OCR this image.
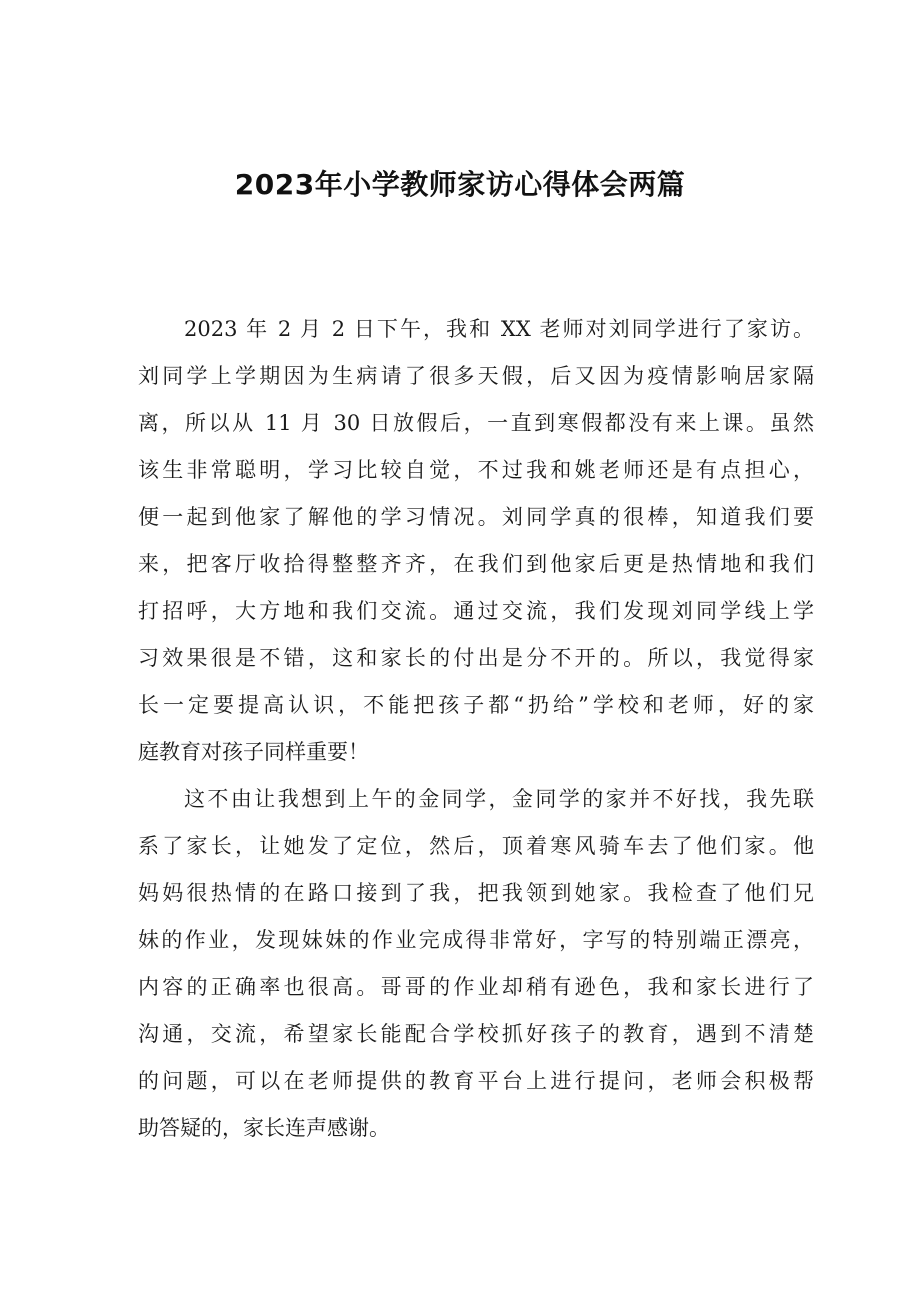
2023年小学教师家访心得体会两篇
2023 年 2 月 2 日下午，我和 XX 老师对刘同学进行了家访。
刘同学上学期因为生病请了很多天假，后又因为疫情影响居家隔
离，所以从 11 月 30 日放假后，一直到寒假都没有来上课。虽然
该生非常聪明，学习比较自觉，不过我和姚老师还是有点担心，
便一起到他家了解他的学习情况。刘同学真的很棒，知道我们要
来，把客厅收拾得整整齐齐，在我们到他家后更是热情地和我们
打招呼，大方地和我们交流。通过交流，我们发现刘同学线上学
习效果很是不错，这和家长的付出是分不开的。所以，我觉得家
长一定要提高认识，不能把孩子都“扔给”学校和老师，好的家
庭教育对孩子同样重要！
这不由让我想到上午的金同学，金同学的家并不好找，我先联
系了家长，让她发了定位，然后，顶着寒风骑车去了他们家。他
妈妈很热情的在路口接到了我，把我领到她家。我检查了他们兄
妹的作业，发现妹妹的作业完成得非常好，字写的特别端正漂亮，
内容的正确率也很高。哥哥的作业却稍有逊色，我和家长进行了
沟通，交流，希望家长能配合学校抓好孩子的教育，遇到不清楚
的问题，可以在老师提供的教育平台上进行提问，老师会积极帮
助答疑的，家长连声感谢。
